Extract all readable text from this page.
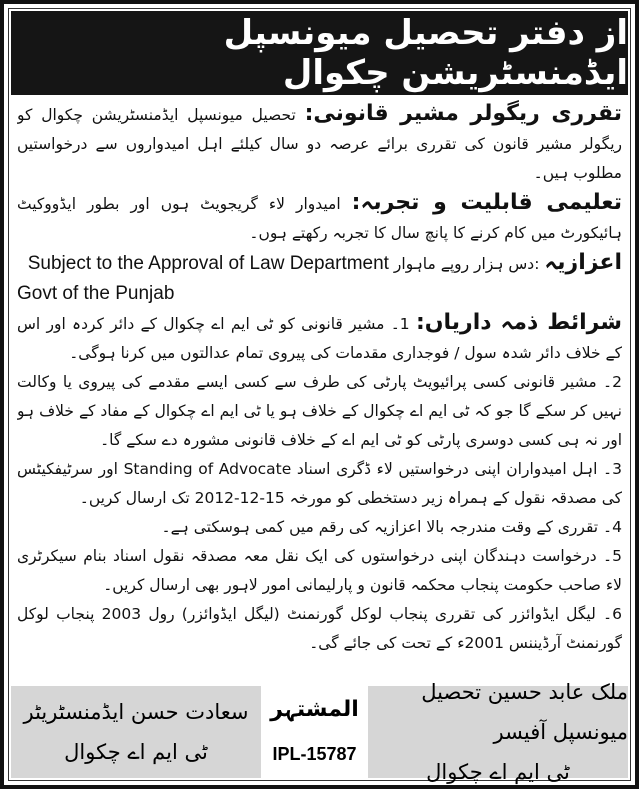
از دفتر تحصیل میونسپل ایڈمنسٹریشن چکوال

تقرری ریگولر مشیر قانونی: تحصیل میونسپل ایڈمنسٹریشن چکوال کو ریگولر مشیر قانون کی تقرری برائے عرصہ دو سال کیلئے اہل امیدواروں سے درخواستیں مطلوب ہیں۔

تعلیمی قابلیت و تجربہ: امیدوار لاء گریجویٹ ہوں اور بطور ایڈووکیٹ ہائیکورٹ میں کام کرنے کا پانچ سال کا تجربہ رکھتے ہوں۔

اعزازیہ :دس ہزار روپے ماہوار Subject to the Approval of Law Department

Govt of the Punjab

شرائط ذمہ داریاں: 1۔ مشیر قانونی کو ٹی ایم اے چکوال کے دائر کردہ اور اس کے خلاف دائر شدہ سول / فوجداری مقدمات کی پیروی تمام عدالتوں میں کرنا ہوگی۔

2۔ مشیر قانونی کسی پرائیویٹ پارٹی کی طرف سے کسی ایسے مقدمے کی پیروی یا وکالت نہیں کر سکے گا جو کہ ٹی ایم اے چکوال کے خلاف ہو یا ٹی ایم اے چکوال کے مفاد کے خلاف ہو اور نہ ہی کسی دوسری پارٹی کو ٹی ایم اے کے خلاف قانونی مشورہ دے سکے گا۔

3۔ اہل امیدواران اپنی درخواستیں لاء ڈگری اسناد Standing of Advocate اور سرٹیفکیٹس کی مصدقہ نقول کے ہمراہ زیر دستخطی کو مورخہ 15-12-2012 تک ارسال کریں۔

4۔ تقرری کے وقت مندرجہ بالا اعزازیہ کی رقم میں کمی ہوسکتی ہے۔

5۔ درخواست دہندگان اپنی درخواستوں کی ایک نقل معہ مصدقہ نقول اسناد بنام سیکرٹری لاء صاحب حکومت پنجاب محکمہ قانون و پارلیمانی امور لاہور بھی ارسال کریں۔

6۔ لیگل ایڈوائزر کی تقرری پنجاب لوکل گورنمنٹ (لیگل ایڈوائزر) رول 2003 پنجاب لوکل گورنمنٹ آرڈیننس 2001ء کے تحت کی جائے گی۔

ملک عابد حسین تحصیل میونسپل آفیسر
ٹی ایم اے چکوال
المشتہر
IPL-15787
سعادت حسن ایڈمنسٹریٹر
ٹی ایم اے چکوال
